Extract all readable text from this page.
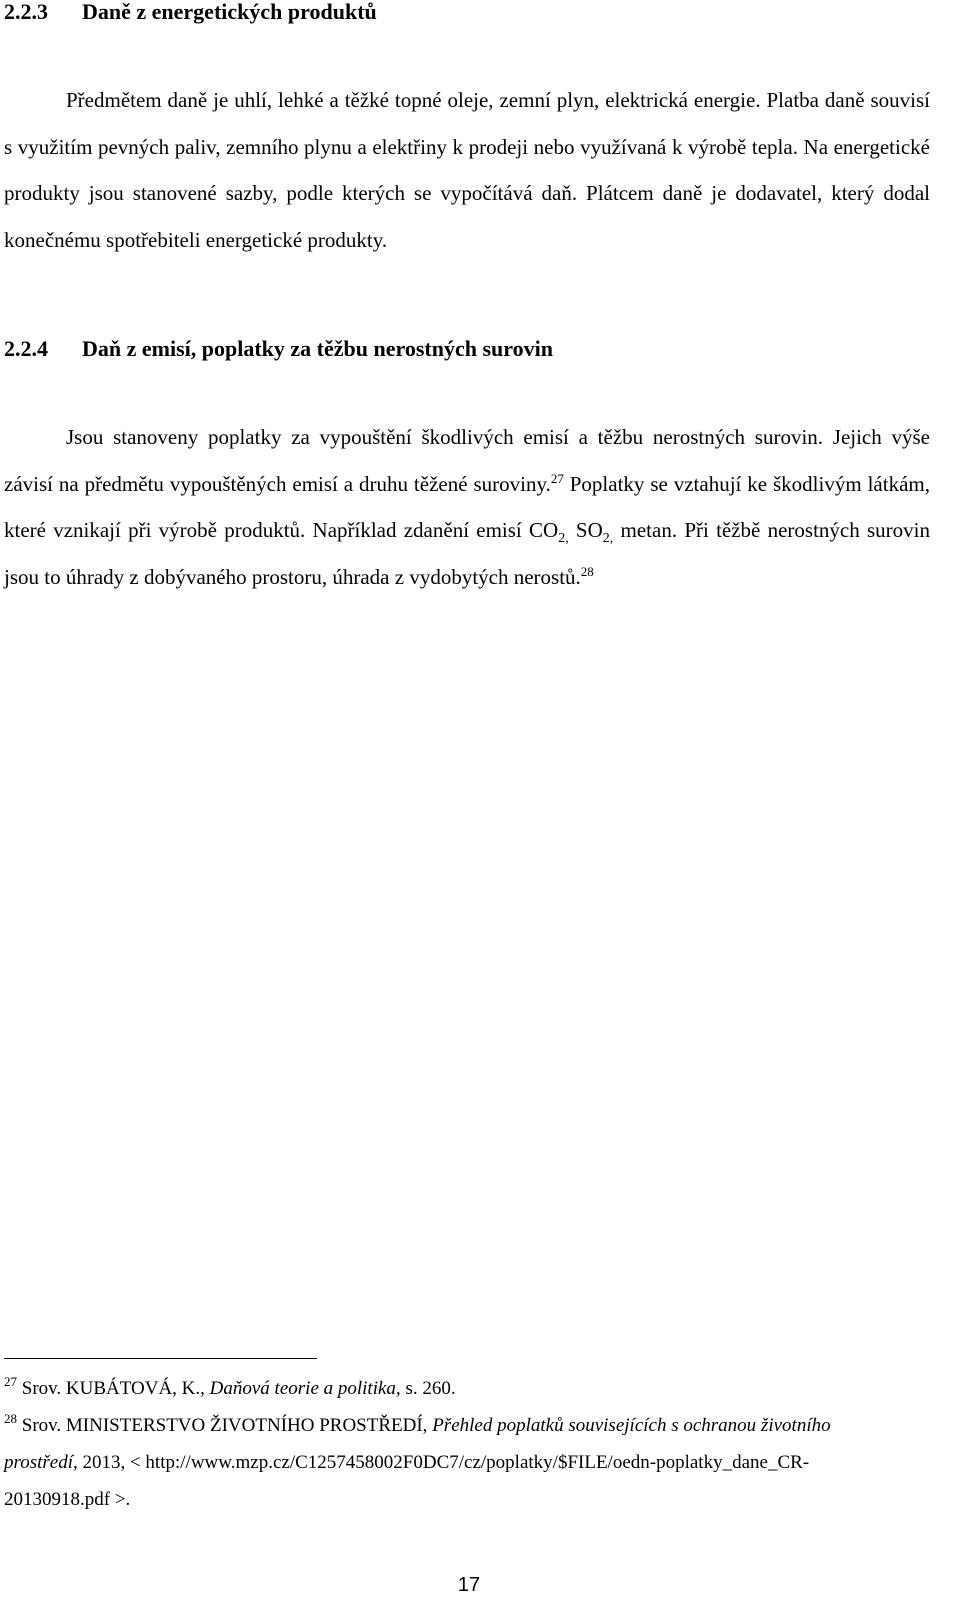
2.2.3 Daně z energetických produktů

Předmětem daně je uhlí, lehké a těžké topné oleje, zemní plyn, elektrická energie. Platba daně souvisí s využitím pevných paliv, zemního plynu a elektřiny k prodeji nebo využívaná k výrobě tepla. Na energetické produkty jsou stanovené sazby, podle kterých se vypočítává daň. Plátcem daně je dodavatel, který dodal konečnému spotřebiteli energetické produkty.

2.2.4 Daň z emisí, poplatky za těžbu nerostných surovin

Jsou stanoveny poplatky za vypouštění škodlivých emisí a těžbu nerostných surovin. Jejich výše závisí na předmětu vypouštěných emisí a druhu těžené suroviny.$^{27}$ Poplatky se vztahují ke škodlivým látkám, které vznikají při výrobě produktů. Například zdanění emisí $CO_{2,}$ $SO_{2,}$ metan. Při těžbě nerostných surovin jsou to úhrady z dobývaného prostoru, úhrada z vydobytých nerostů.$^{28}$

$^{27}$ Srov. KUBÁTOVÁ, K., Daňová teorie a politika, s. 260.

$^{28}$ Srov. MINISTERSTVO ŽIVOTNÍHO PROSTŘEDÍ, Přehled poplatků souvisejících s ochranou životního prostředí, 2013, < http://www.mzp.cz/C1257458002F0DC7/cz/poplatky/$FILE/oedn-poplatky_dane_CR-20130918.pdf >.

17
